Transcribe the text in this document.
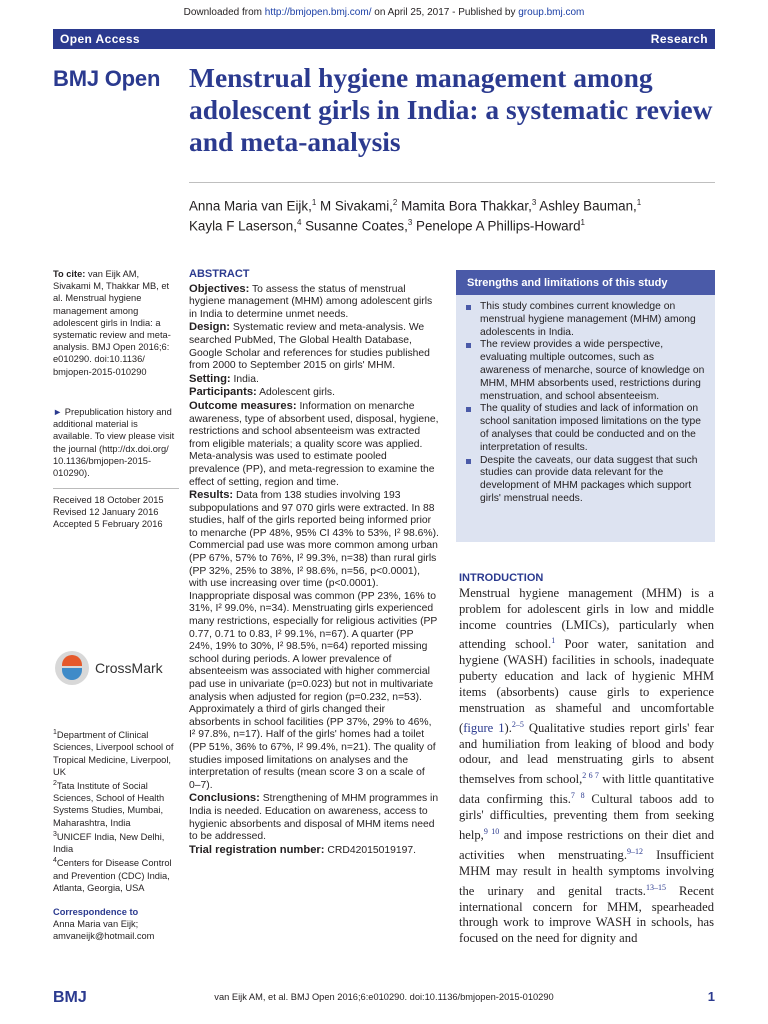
Downloaded from http://bmjopen.bmj.com/ on April 25, 2017 - Published by group.bmj.com
Open Access	Research
BMJ Open Menstrual hygiene management among adolescent girls in India: a systematic review and meta-analysis
Anna Maria van Eijk,$^1$ M Sivakami,$^2$ Mamita Bora Thakkar,$^3$ Ashley Bauman,$^1$
Kayla F Laserson,$^4$ Susanne Coates,$^3$ Penelope A Phillips-Howard$^1$
To cite: van Eijk AM, Sivakami M, Thakkar MB, et al. Menstrual hygiene management among adolescent girls in India: a systematic review and meta-analysis. BMJ Open 2016;6: e010290. doi:10.1136/ bmjopen-2015-010290
► Prepublication history and additional material is available. To view please visit the journal (http://dx.doi.org/ 10.1136/bmjopen-2015-010290).
Received 18 October 2015
Revised 12 January 2016
Accepted 5 February 2016
CrossMark
$^1$Department of Clinical Sciences, Liverpool school of Tropical Medicine, Liverpool, UK
$^2$Tata Institute of Social Sciences, School of Health Systems Studies, Mumbai, Maharashtra, India
$^3$UNICEF India, New Delhi, India
$^4$Centers for Disease Control and Prevention (CDC) India, Atlanta, Georgia, USA
Correspondence to
Anna Maria van Eijk;
amvaneijk@hotmail.com
ABSTRACT

Objectives: To assess the status of menstrual hygiene management (MHM) among adolescent girls in India to determine unmet needs.

Design: Systematic review and meta-analysis. We searched PubMed, The Global Health Database, Google Scholar and references for studies published from 2000 to September 2015 on girls' MHM.

Setting: India.

Participants: Adolescent girls.

Outcome measures: Information on menarche awareness, type of absorbent used, disposal, hygiene, restrictions and school absenteeism was extracted from eligible materials; a quality score was applied. Meta-analysis was used to estimate pooled prevalence (PP), and meta-regression to examine the effect of setting, region and time.

Results: Data from 138 studies involving 193 subpopulations and 97 070 girls were extracted. In 88 studies, half of the girls reported being informed prior to menarche (PP 48%, 95% CI 43% to 53%, I² 98.6%). Commercial pad use was more common among urban (PP 67%, 57% to 76%, I² 99.3%, n=38) than rural girls (PP 32%, 25% to 38%, I² 98.6%, n=56, p<0.0001), with use increasing over time (p<0.0001). Inappropriate disposal was common (PP 23%, 16% to 31%, I² 99.0%, n=34). Menstruating girls experienced many restrictions, especially for religious activities (PP 0.77, 0.71 to 0.83, I² 99.1%, n=67). A quarter (PP 24%, 19% to 30%, I² 98.5%, n=64) reported missing school during periods. A lower prevalence of absenteeism was associated with higher commercial pad use in univariate (p=0.023) but not in multivariate analysis when adjusted for region (p=0.232, n=53). Approximately a third of girls changed their absorbents in school facilities (PP 37%, 29% to 46%, I² 97.8%, n=17). Half of the girls' homes had a toilet (PP 51%, 36% to 67%, I² 99.4%, n=21). The quality of studies imposed limitations on analyses and the interpretation of results (mean score 3 on a scale of 0–7).

Conclusions: Strengthening of MHM programmes in India is needed. Education on awareness, access to hygienic absorbents and disposal of MHM items need to be addressed.

Trial registration number: CRD42015019197.

Strengths and limitations of this study
This study combines current knowledge on menstrual hygiene management (MHM) among adolescents in India.
The review provides a wide perspective, evaluating multiple outcomes, such as awareness of menarche, source of knowledge on MHM, MHM absorbents used, restrictions during menstruation, and school absenteeism.
The quality of studies and lack of information on school sanitation imposed limitations on the type of analyses that could be conducted and on the interpretation of results.
Despite the caveats, our data suggest that such studies can provide data relevant for the development of MHM packages which support girls' menstrual needs.
INTRODUCTION
Menstrual hygiene management (MHM) is a problem for adolescent girls in low and middle income countries (LMICs), particularly when attending school.$^1$ Poor water, sanitation and hygiene (WASH) facilities in schools, inadequate puberty education and lack of hygienic MHM items (absorbents) cause girls to experience menstruation as shameful and uncomfortable (figure 1).$^{2-5}$ Qualitative studies report girls' fear and humiliation from leaking of blood and body odour, and lead menstruating girls to absent themselves from school,$^{2 6 7}$ with little quantitative data confirming this.$^{7 8}$ Cultural taboos add to girls' difficulties, preventing them from seeking help,$^{9 10}$ and impose restrictions on their diet and activities when menstruating.$^{9-12}$ Insufficient MHM may result in health symptoms involving the urinary and genital tracts.$^{13-15}$ Recent international concern for MHM, spearheaded through work to improve WASH in schools, has focused on the need for dignity and
BMJ	van Eijk AM, et al. BMJ Open 2016;6:e010290. doi:10.1136/bmjopen-2015-010290	1
